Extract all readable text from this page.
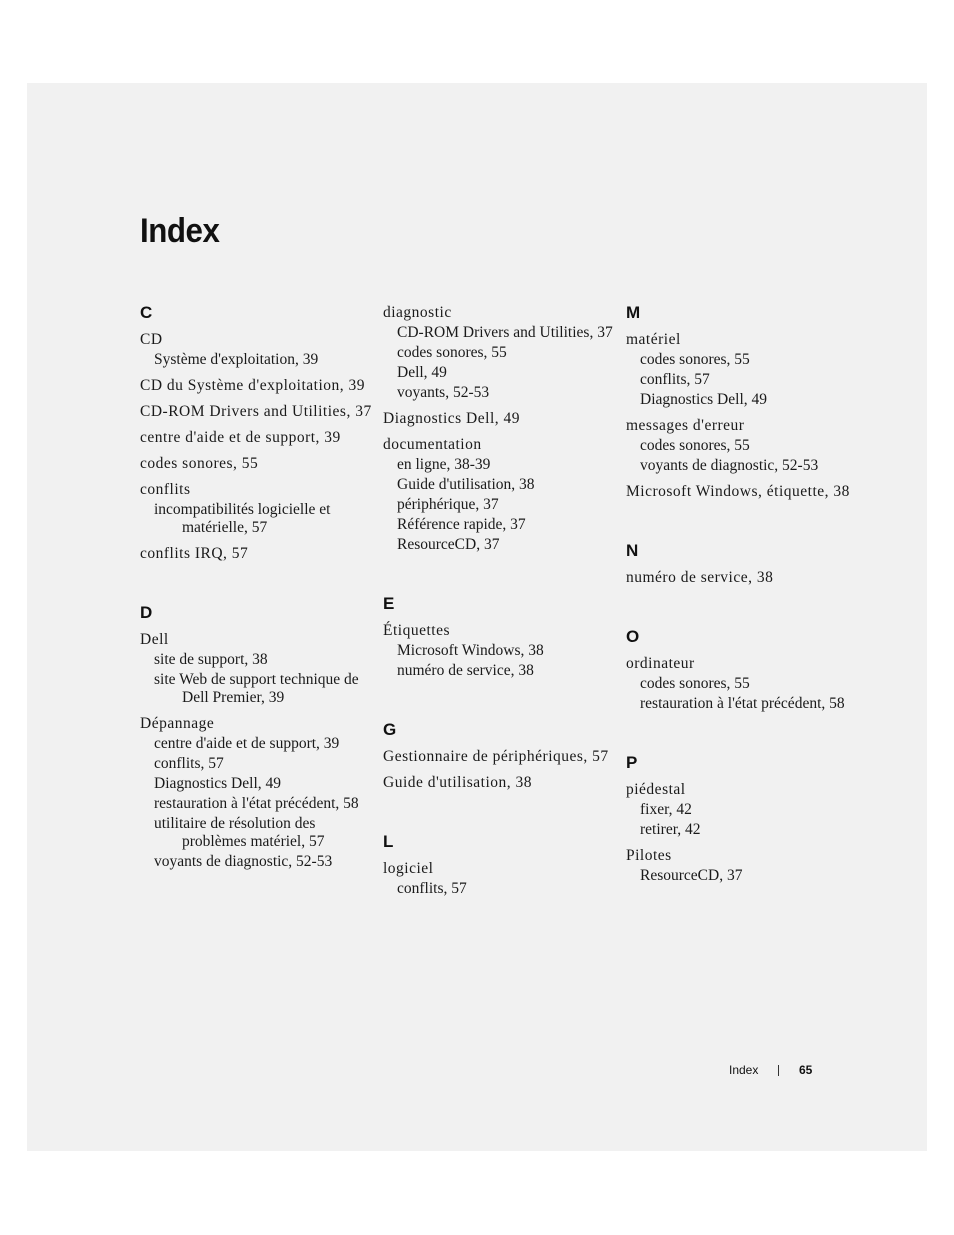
Index
C
CD
Système d'exploitation, 39
CD du Système d'exploitation, 39
CD-ROM Drivers and Utilities, 37
centre d'aide et de support, 39
codes sonores, 55
conflits
incompatibilités logicielle et matérielle, 57
conflits IRQ, 57
D
Dell
site de support, 38
site Web de support technique de Dell Premier, 39
Dépannage
centre d'aide et de support, 39
conflits, 57
Diagnostics Dell, 49
restauration à l'état précédent, 58
utilitaire de résolution des problèmes matériel, 57
voyants de diagnostic, 52-53
diagnostic
CD-ROM Drivers and Utilities, 37
codes sonores, 55
Dell, 49
voyants, 52-53
Diagnostics Dell, 49
documentation
en ligne, 38-39
Guide d'utilisation, 38
périphérique, 37
Référence rapide, 37
ResourceCD, 37
E
Étiquettes
Microsoft Windows, 38
numéro de service, 38
G
Gestionnaire de périphériques, 57
Guide d'utilisation, 38
L
logiciel
conflits, 57
M
matériel
codes sonores, 55
conflits, 57
Diagnostics Dell, 49
messages d'erreur
codes sonores, 55
voyants de diagnostic, 52-53
Microsoft Windows, étiquette, 38
N
numéro de service, 38
O
ordinateur
codes sonores, 55
restauration à l'état précédent, 58
P
piédestal
fixer, 42
retirer, 42
Pilotes
ResourceCD, 37
Index	65
